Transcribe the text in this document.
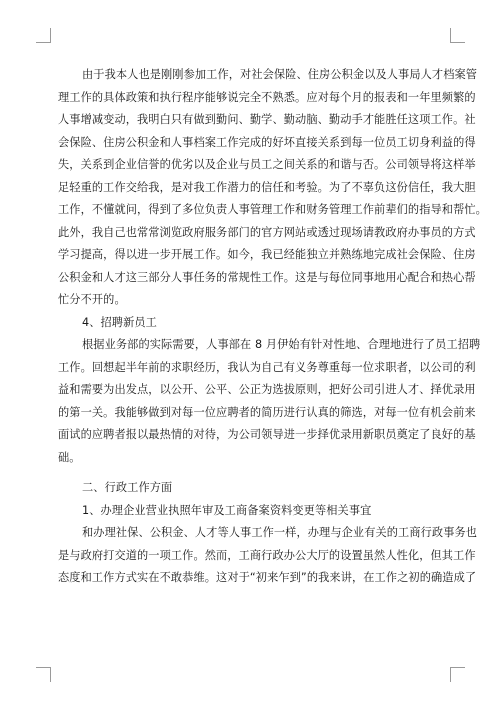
由于我本人也是刚刚参加工作，对社会保险、住房公积金以及人事局人才档案管
理工作的具体政策和执行程序能够说完全不熟悉。应对每个月的报表和一年里频繁的
人事增减变动，我明白只有做到勤问、勤学、勤动脑、勤动手才能胜任这项工作。社
会保险、住房公积金和人事档案工作完成的好坏直接关系到每一位员工切身利益的得
失，关系到企业信誉的优劣以及企业与员工之间关系的和谐与否。公司领导将这样举
足轻重的工作交给我，是对我工作潜力的信任和考验。为了不辜负这份信任，我大胆
工作，不懂就问，得到了多位负责人事管理工作和财务管理工作前辈们的指导和帮忙。
此外，我自己也常常浏览政府服务部门的官方网站或透过现场请教政府办事员的方式
学习提高，得以进一步开展工作。如今，我已经能独立并熟练地完成社会保险、住房
公积金和人才这三部分人事任务的常规性工作。这是与每位同事地用心配合和热心帮
忙分不开的。
4、招聘新员工
根据业务部的实际需要，人事部在 8 月伊始有针对性地、合理地进行了员工招聘
工作。回想起半年前的求职经历，我认为自己有义务尊重每一位求职者，以公司的利
益和需要为出发点，以公开、公平、公正为选拔原则，把好公司引进人才、择优录用
的第一关。我能够做到对每一位应聘者的简历进行认真的筛选，对每一位有机会前来
面试的应聘者报以最热情的对待，为公司领导进一步择优录用新职员奠定了良好的基
础。
二、行政工作方面
1、办理企业营业执照年审及工商备案资料变更等相关事宜
和办理社保、公积金、人才等人事工作一样，办理与企业有关的工商行政事务也
是与政府打交道的一项工作。然而，工商行政办公大厅的设置虽然人性化，但其工作
态度和工作方式实在不敢恭维。这对于“初来乍到”的我来讲，在工作之初的确造成了
